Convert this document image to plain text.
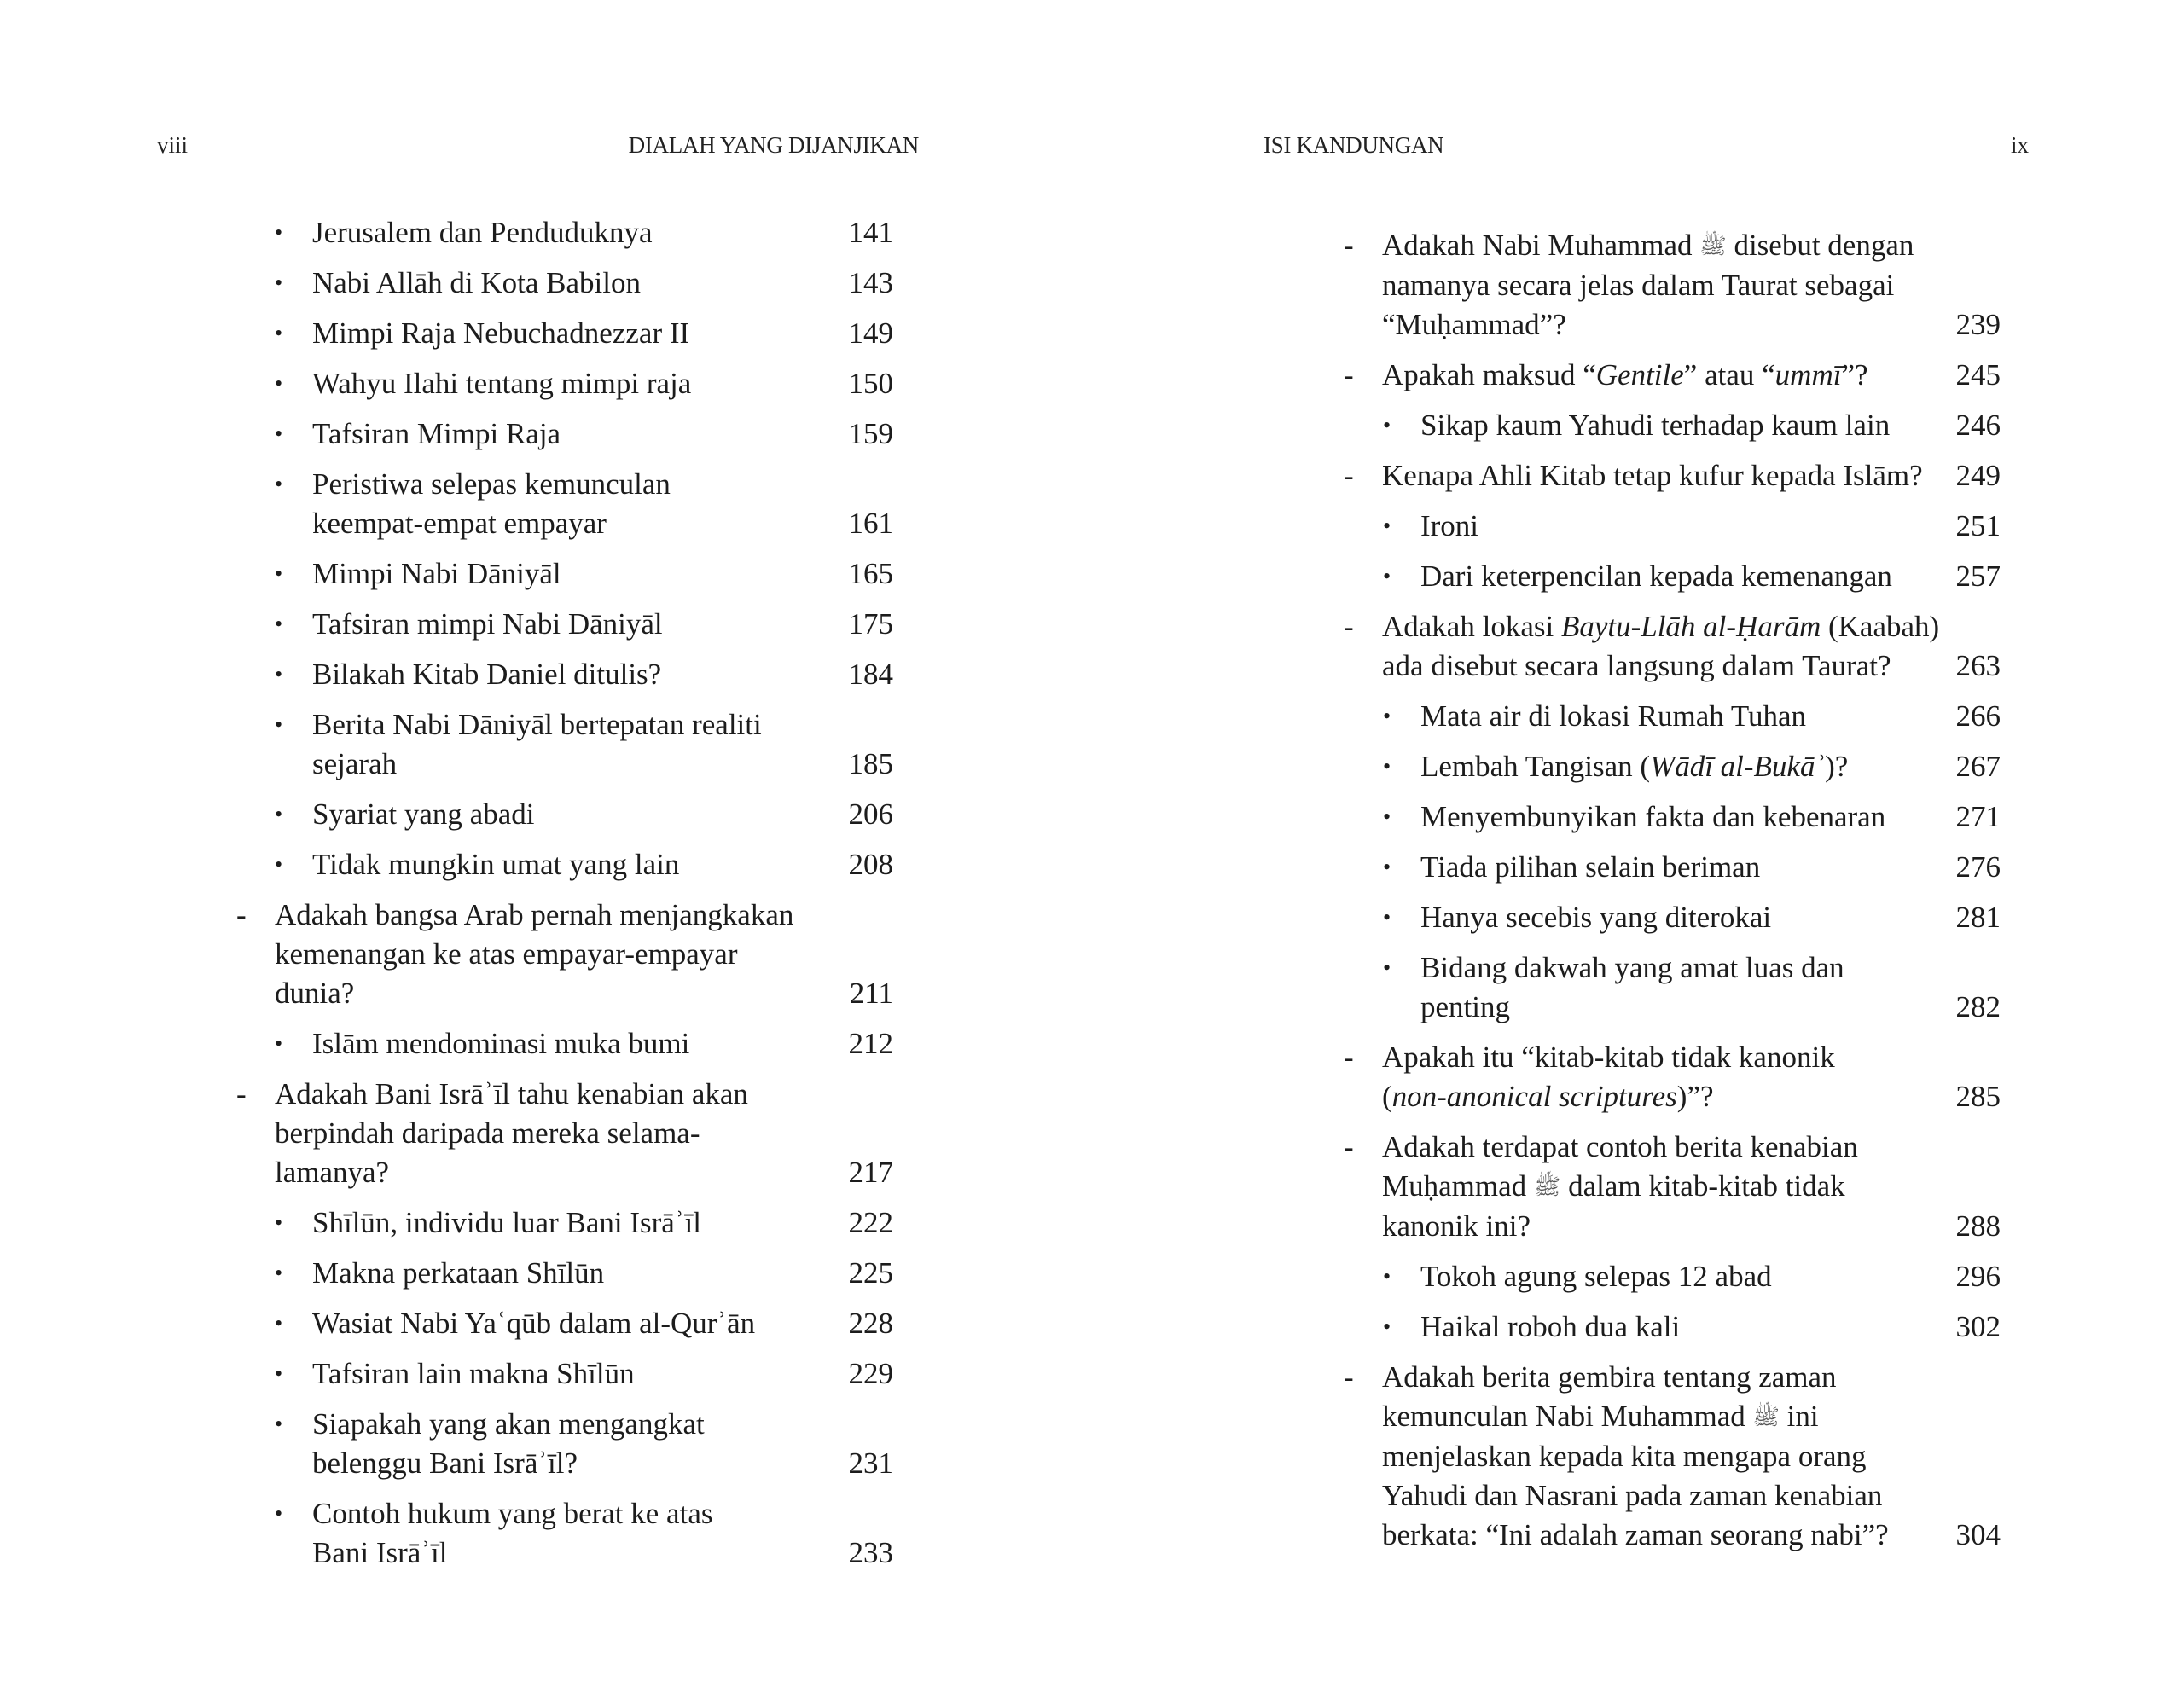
viii	DIALAH YANG DIJANJIKAN
• Jerusalem dan Penduduknya	141
• Nabi Allāh di Kota Babilon	143
• Mimpi Raja Nebuchadnezzar II	149
• Wahyu Ilahi tentang mimpi raja	150
• Tafsiran Mimpi Raja	159
• Peristiwa selepas kemunculan
keempat-empat empayar	161
• Mimpi Nabi Dāniyāl	165
• Tafsiran mimpi Nabi Dāniyāl	175
• Bilakah Kitab Daniel ditulis?	184
• Berita Nabi Dāniyāl bertepatan realiti
sejarah	185
• Syariat yang abadi	206
• Tidak mungkin umat yang lain	208
- Adakah bangsa Arab pernah menjangkakan
kemenangan ke atas empayar-empayar
dunia?	211
• Islām mendominasi muka bumi	212
- Adakah Bani Isrāʾīl tahu kenabian akan
berpindah daripada mereka selama-
lamanya?	217
• Shīlūn, individu luar Bani Isrāʾīl	222
• Makna perkataan Shīlūn	225
• Wasiat Nabi Yaʿqūb dalam al-Qurʾān	228
• Tafsiran lain makna Shīlūn	229
• Siapakah yang akan mengangkat
belenggu Bani Isrāʾīl?	231
• Contoh hukum yang berat ke atas
Bani Isrāʾīl	233
ISI KANDUNGAN	ix
- Adakah Nabi Muhammad ﷺ disebut dengan
namanya secara jelas dalam Taurat sebagai
“Muḥammad”?	239
- Apakah maksud “Gentile” atau “ummī”?	245
• Sikap kaum Yahudi terhadap kaum lain	246
- Kenapa Ahli Kitab tetap kufur kepada Islām?	249
• Ironi	251
• Dari keterpencilan kepada kemenangan	257
- Adakah lokasi Baytu-Llāh al-Ḥarām (Kaabah)
ada disebut secara langsung dalam Taurat?	263
• Mata air di lokasi Rumah Tuhan	266
• Lembah Tangisan (Wādī al-Bukāʾ)?	267
• Menyembunyikan fakta dan kebenaran	271
• Tiada pilihan selain beriman	276
• Hanya secebis yang diterokai	281
• Bidang dakwah yang amat luas dan
penting	282
- Apakah itu “kitab-kitab tidak kanonik
(non-anonical scriptures)”?	285
- Adakah terdapat contoh berita kenabian
Muḥammad ﷺ dalam kitab-kitab tidak
kanonik ini?	288
• Tokoh agung selepas 12 abad	296
• Haikal roboh dua kali	302
- Adakah berita gembira tentang zaman
kemunculan Nabi Muhammad ﷺ ini
menjelaskan kepada kita mengapa orang
Yahudi dan Nasrani pada zaman kenabian
berkata: “Ini adalah zaman seorang nabi”?	304
